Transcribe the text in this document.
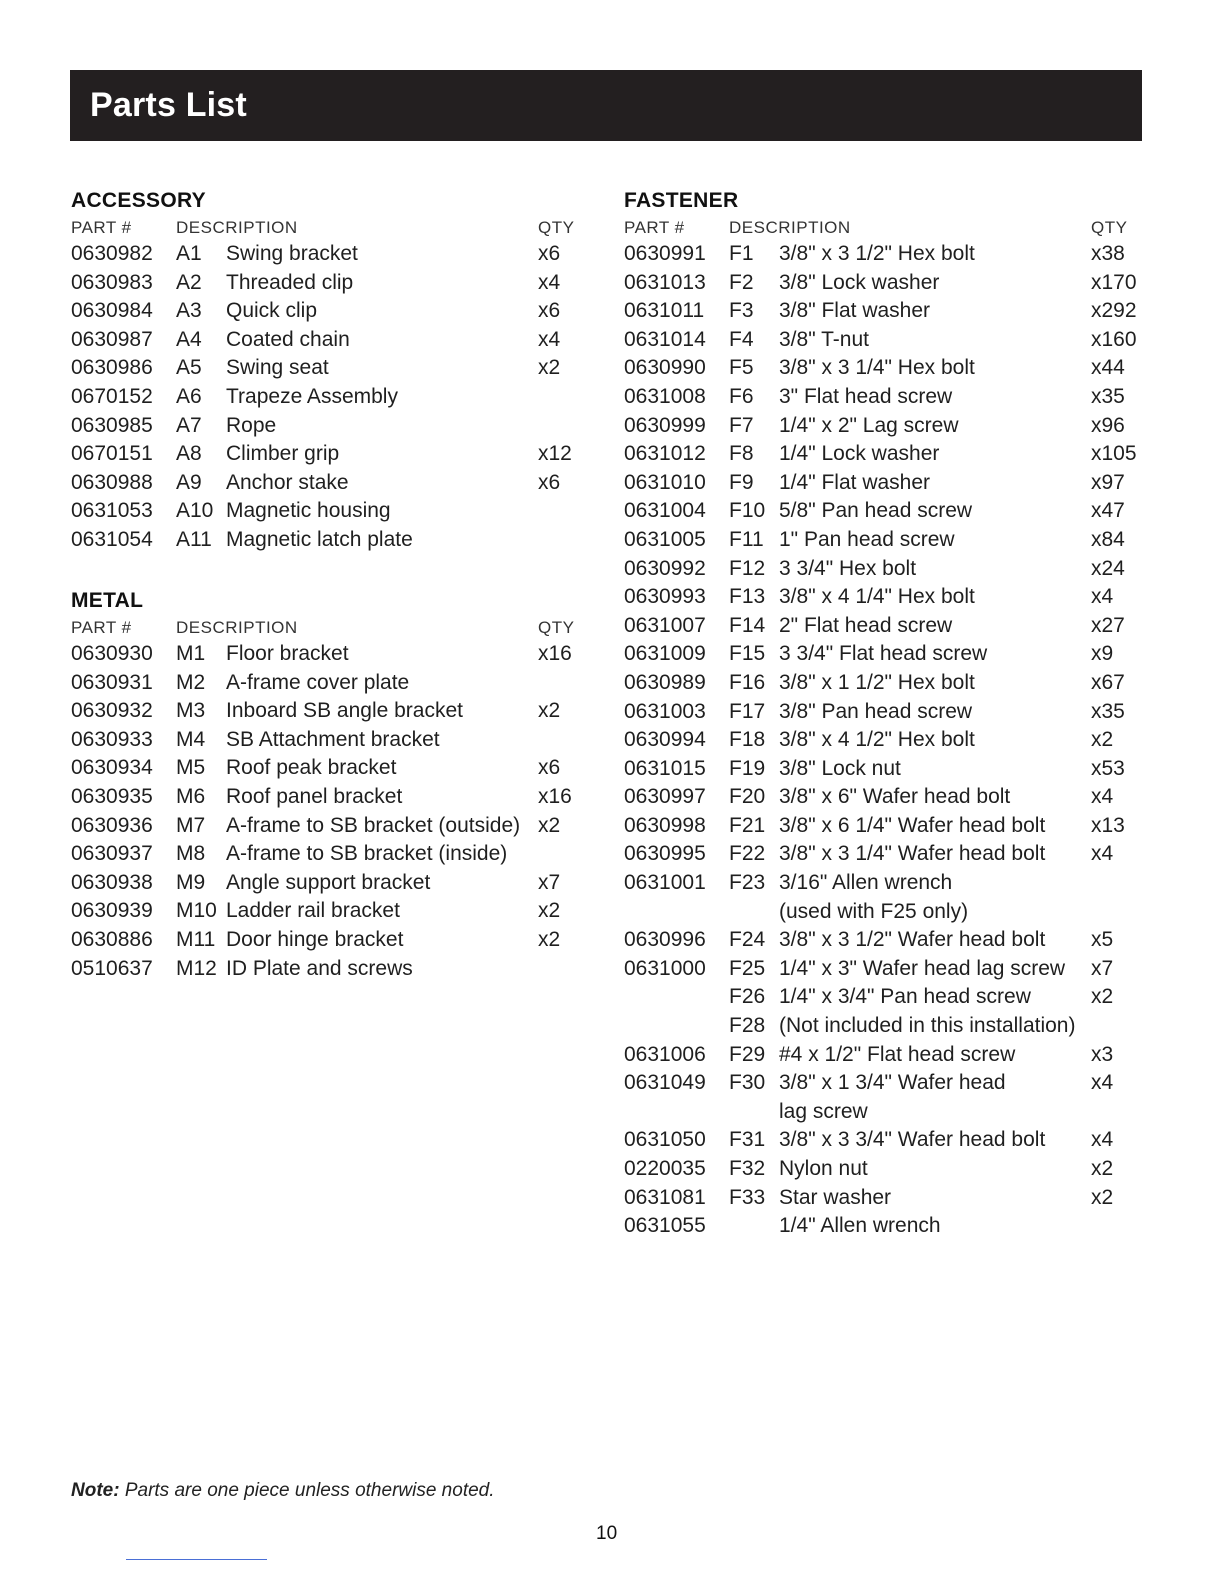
Parts List
ACCESSORY
PART #	DESCRIPTION	QTY
0630982 A1 Swing bracket	x6
0630983 A2 Threaded clip	x4
0630984 A3 Quick clip	x6
0630987 A4 Coated chain	x4
0630986 A5 Swing seat	x2
0670152 A6 Trapeze Assembly
0630985 A7 Rope
0670151 A8 Climber grip	x12
0630988 A9 Anchor stake	x6
0631053 A10 Magnetic housing
0631054 A11 Magnetic latch plate
METAL
PART #	DESCRIPTION	QTY
0630930 M1 Floor bracket	x16
0630931 M2 A-frame cover plate
0630932 M3 Inboard SB angle bracket	x2
0630933 M4 SB Attachment bracket
0630934 M5 Roof peak bracket	x6
0630935 M6 Roof panel bracket	x16
0630936 M7 A-frame to SB bracket (outside) x2
0630937 M8 A-frame to SB bracket (inside)
0630938 M9 Angle support bracket	x7
0630939 M10 Ladder rail bracket	x2
0630886 M11 Door hinge bracket	x2
0510637 M12 ID Plate and screws
FASTENER
PART #	DESCRIPTION	QTY
0630991 F1 3/8" x 3 1/2" Hex bolt	x38
0631013 F2 3/8" Lock washer	x170
0631011 F3 3/8" Flat washer	x292
0631014 F4 3/8" T-nut	x160
0630990 F5 3/8" x 3 1/4" Hex bolt	x44
0631008 F6 3" Flat head screw	x35
0630999 F7 1/4" x 2" Lag screw	x96
0631012 F8 1/4" Lock washer	x105
0631010 F9 1/4" Flat washer	x97
0631004 F10 5/8" Pan head screw	x47
0631005 F11 1" Pan head screw	x84
0630992 F12 3 3/4" Hex bolt	x24
0630993 F13 3/8" x 4 1/4" Hex bolt	x4
0631007 F14 2" Flat head screw	x27
0631009 F15 3 3/4" Flat head screw	x9
0630989 F16 3/8" x 1 1/2" Hex bolt	x67
0631003 F17 3/8" Pan head screw	x35
0630994 F18 3/8" x 4 1/2" Hex bolt	x2
0631015 F19 3/8" Lock nut	x53
0630997 F20 3/8" x 6" Wafer head bolt	x4
0630998 F21 3/8" x 6 1/4" Wafer head bolt x13
0630995 F22 3/8" x 3 1/4" Wafer head bolt x4
0631001 F23 3/16" Allen wrench
(used with F25 only)
0630996 F24 3/8" x 3 1/2" Wafer head bolt x5
0631000 F25 1/4" x 3" Wafer head lag screw x7
F26 1/4" x 3/4" Pan head screw	x2
F28 (Not included in this installation)
0631006 F29 #4 x 1/2" Flat head screw	x3
0631049 F30 3/8" x 1 3/4" Wafer head	x4
lag screw
0631050 F31 3/8" x 3 3/4" Wafer head bolt x4
0220035 F32 Nylon nut	x2
0631081 F33 Star washer	x2
0631055	1/4" Allen wrench
Note: Parts are one piece unless otherwise noted.
10
